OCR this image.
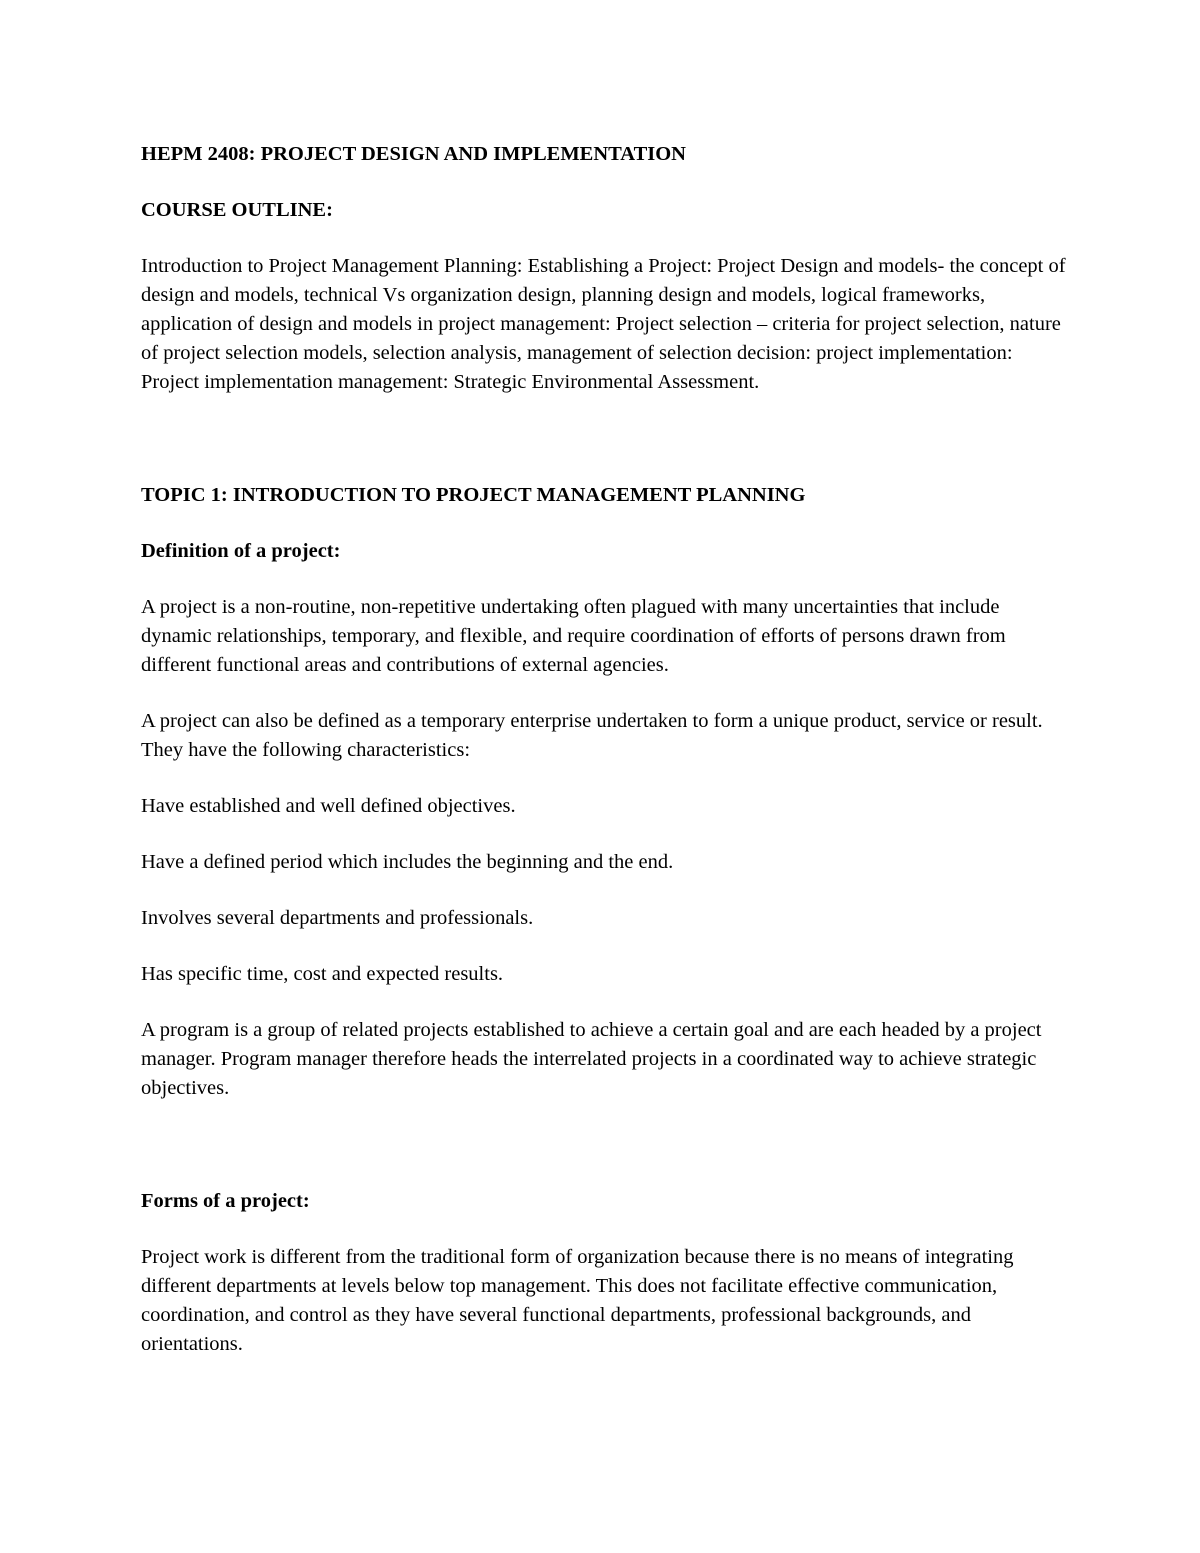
HEPM 2408: PROJECT DESIGN AND IMPLEMENTATION

COURSE OUTLINE:

Introduction to Project Management Planning: Establishing a Project: Project Design and models- the concept of design and models, technical Vs organization design, planning design and models, logical frameworks, application of design and models in project management: Project selection – criteria for project selection, nature of project selection models, selection analysis, management of selection decision: project implementation: Project implementation management: Strategic Environmental Assessment.

TOPIC 1: INTRODUCTION TO PROJECT MANAGEMENT PLANNING

Definition of a project:

A project is a non-routine, non-repetitive undertaking often plagued with many uncertainties that include dynamic relationships, temporary, and flexible, and require coordination of efforts of persons drawn from different functional areas and contributions of external agencies.

A project can also be defined as a temporary enterprise undertaken to form a unique product, service or result. They have the following characteristics:

Have established and well defined objectives.

Have a defined period which includes the beginning and the end.

Involves several departments and professionals.

Has specific time, cost and expected results.

A program is a group of related projects established to achieve a certain goal and are each headed by a project manager. Program manager therefore heads the interrelated projects in a coordinated way to achieve strategic objectives.

Forms of a project:

Project work is different from the traditional form of organization because there is no means of integrating different departments at levels below top management. This does not facilitate effective communication, coordination, and control as they have several functional departments, professional backgrounds, and orientations.
